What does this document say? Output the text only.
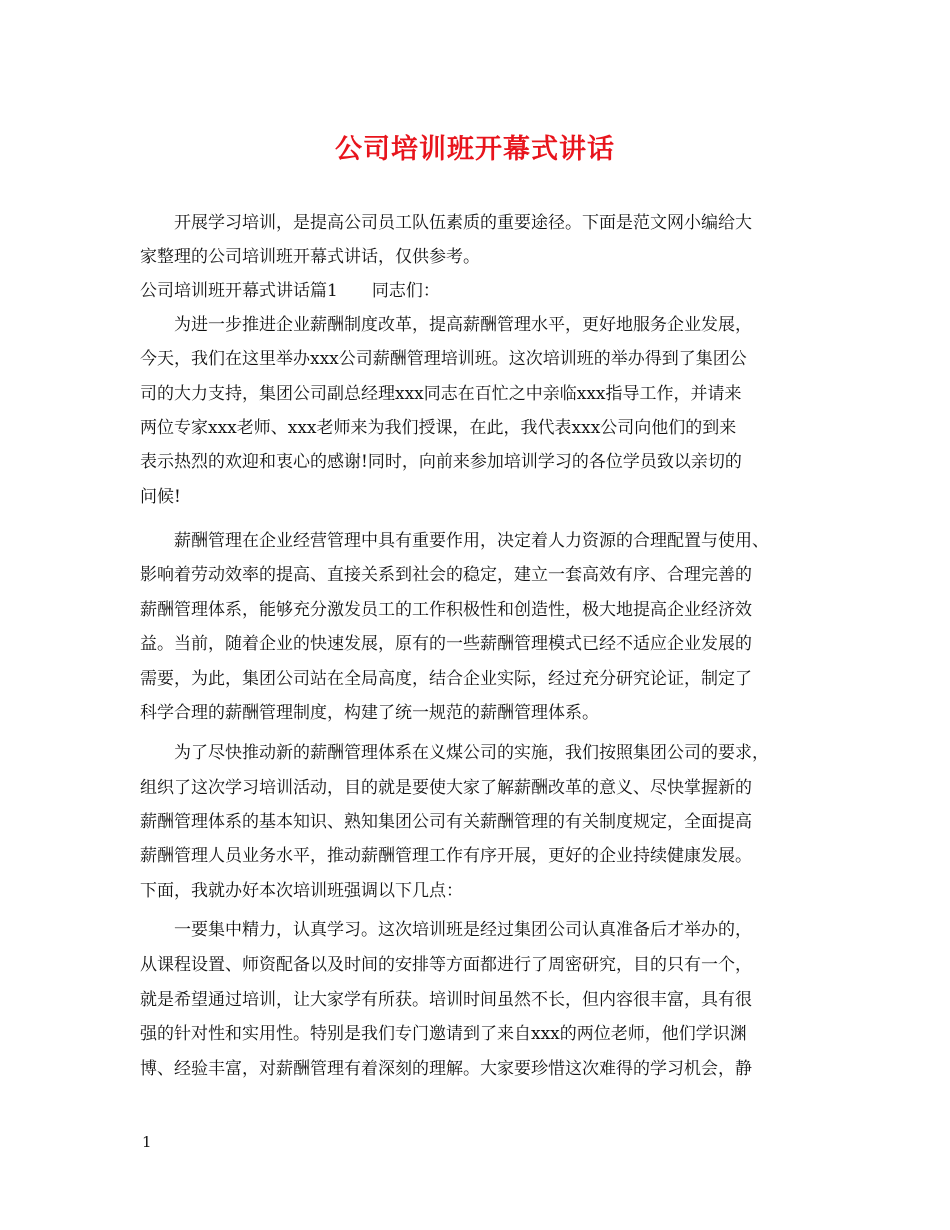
公司培训班开幕式讲话
　　开展学习培训，是提高公司员工队伍素质的重要途径。下面是范文网小编给大
家整理的公司培训班开幕式讲话，仅供参考。
公司培训班开幕式讲话篇1　　同志们：
　　为进一步推进企业薪酬制度改革，提高薪酬管理水平，更好地服务企业发展，
今天，我们在这里举办xxx公司薪酬管理培训班。这次培训班的举办得到了集团公
司的大力支持，集团公司副总经理xxx同志在百忙之中亲临xxx指导工作，并请来
两位专家xxx老师、xxx老师来为我们授课，在此，我代表xxx公司向他们的到来
表示热烈的欢迎和衷心的感谢!同时，向前来参加培训学习的各位学员致以亲切的
问候!
　　薪酬管理在企业经营管理中具有重要作用，决定着人力资源的合理配置与使用、
影响着劳动效率的提高、直接关系到社会的稳定，建立一套高效有序、合理完善的
薪酬管理体系，能够充分激发员工的工作积极性和创造性，极大地提高企业经济效
益。当前，随着企业的快速发展，原有的一些薪酬管理模式已经不适应企业发展的
需要，为此，集团公司站在全局高度，结合企业实际，经过充分研究论证，制定了
科学合理的薪酬管理制度，构建了统一规范的薪酬管理体系。
　　为了尽快推动新的薪酬管理体系在义煤公司的实施，我们按照集团公司的要求，
组织了这次学习培训活动，目的就是要使大家了解薪酬改革的意义、尽快掌握新的
薪酬管理体系的基本知识、熟知集团公司有关薪酬管理的有关制度规定，全面提高
薪酬管理人员业务水平，推动薪酬管理工作有序开展，更好的企业持续健康发展。
下面，我就办好本次培训班强调以下几点：
　　一要集中精力，认真学习。这次培训班是经过集团公司认真准备后才举办的，
从课程设置、师资配备以及时间的安排等方面都进行了周密研究，目的只有一个，
就是希望通过培训，让大家学有所获。培训时间虽然不长，但内容很丰富，具有很
强的针对性和实用性。特别是我们专门邀请到了来自xxx的两位老师，他们学识渊
博、经验丰富，对薪酬管理有着深刻的理解。大家要珍惜这次难得的学习机会，静
1
